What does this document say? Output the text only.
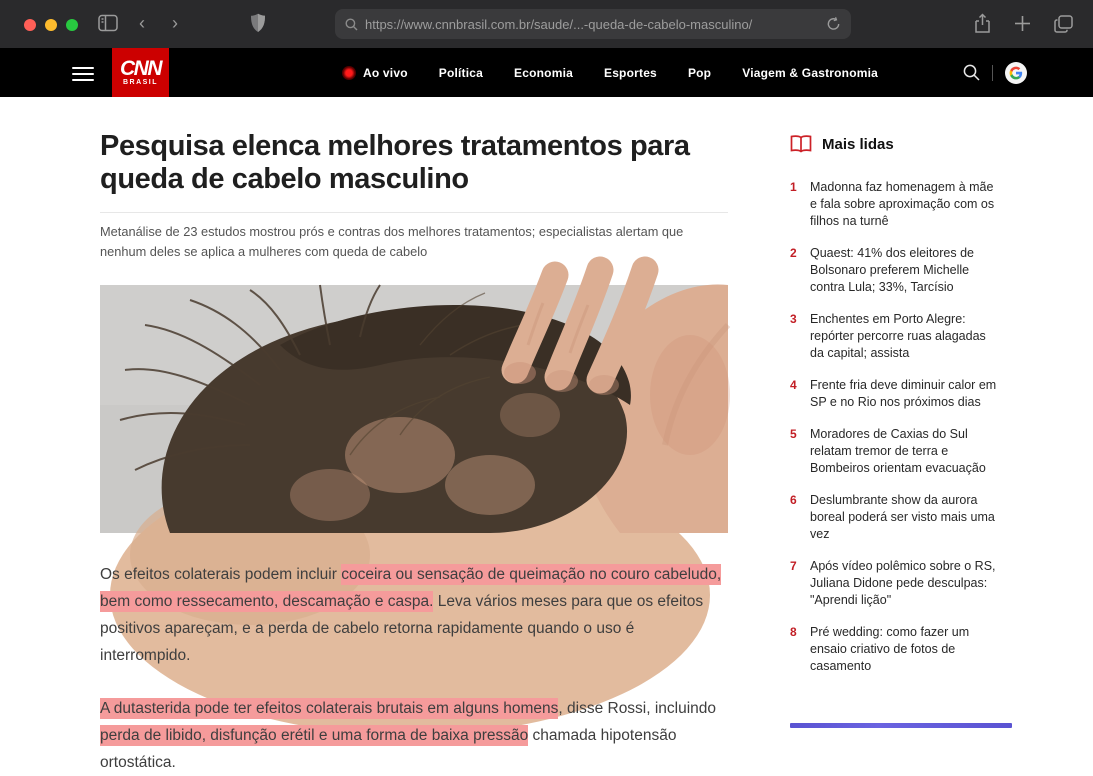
‹ ›	https://www.cnnbrasil.com.br/saude/...-queda-de-cabelo-masculino/
CNN
BRASIL
Ao vivo	Política	Economia	Esportes	Pop	Viagem & Gastronomia
Pesquisa elenca melhores tratamentos para queda de cabelo masculino

Metanálise de 23 estudos mostrou prós e contras dos melhores tratamentos; especialistas alertam que nenhum deles se aplica a mulheres com queda de cabelo

Os efeitos colaterais podem incluir coceira ou sensação de queimação no couro cabeludo, bem como ressecamento, descamação e caspa. Leva vários meses para que os efeitos positivos apareçam, e a perda de cabelo retorna rapidamente quando o uso é interrompido.

A dutasterida pode ter efeitos colaterais brutais em alguns homens, disse Rossi, incluindo perda de libido, disfunção erétil e uma forma de baixa pressão chamada hipotensão ortostática.

Mais lidas
1 Madonna faz homenagem à mãe e fala sobre aproximação com os filhos na turnê
2 Quaest: 41% dos eleitores de Bolsonaro preferem Michelle contra Lula; 33%, Tarcísio
3 Enchentes em Porto Alegre: repórter percorre ruas alagadas da capital; assista
4 Frente fria deve diminuir calor em SP e no Rio nos próximos dias
5 Moradores de Caxias do Sul relatam tremor de terra e Bombeiros orientam evacuação
6 Deslumbrante show da aurora boreal poderá ser visto mais uma vez
7 Após vídeo polêmico sobre o RS, Juliana Didone pede desculpas: "Aprendi lição"
8 Pré wedding: como fazer um ensaio criativo de fotos de casamento
